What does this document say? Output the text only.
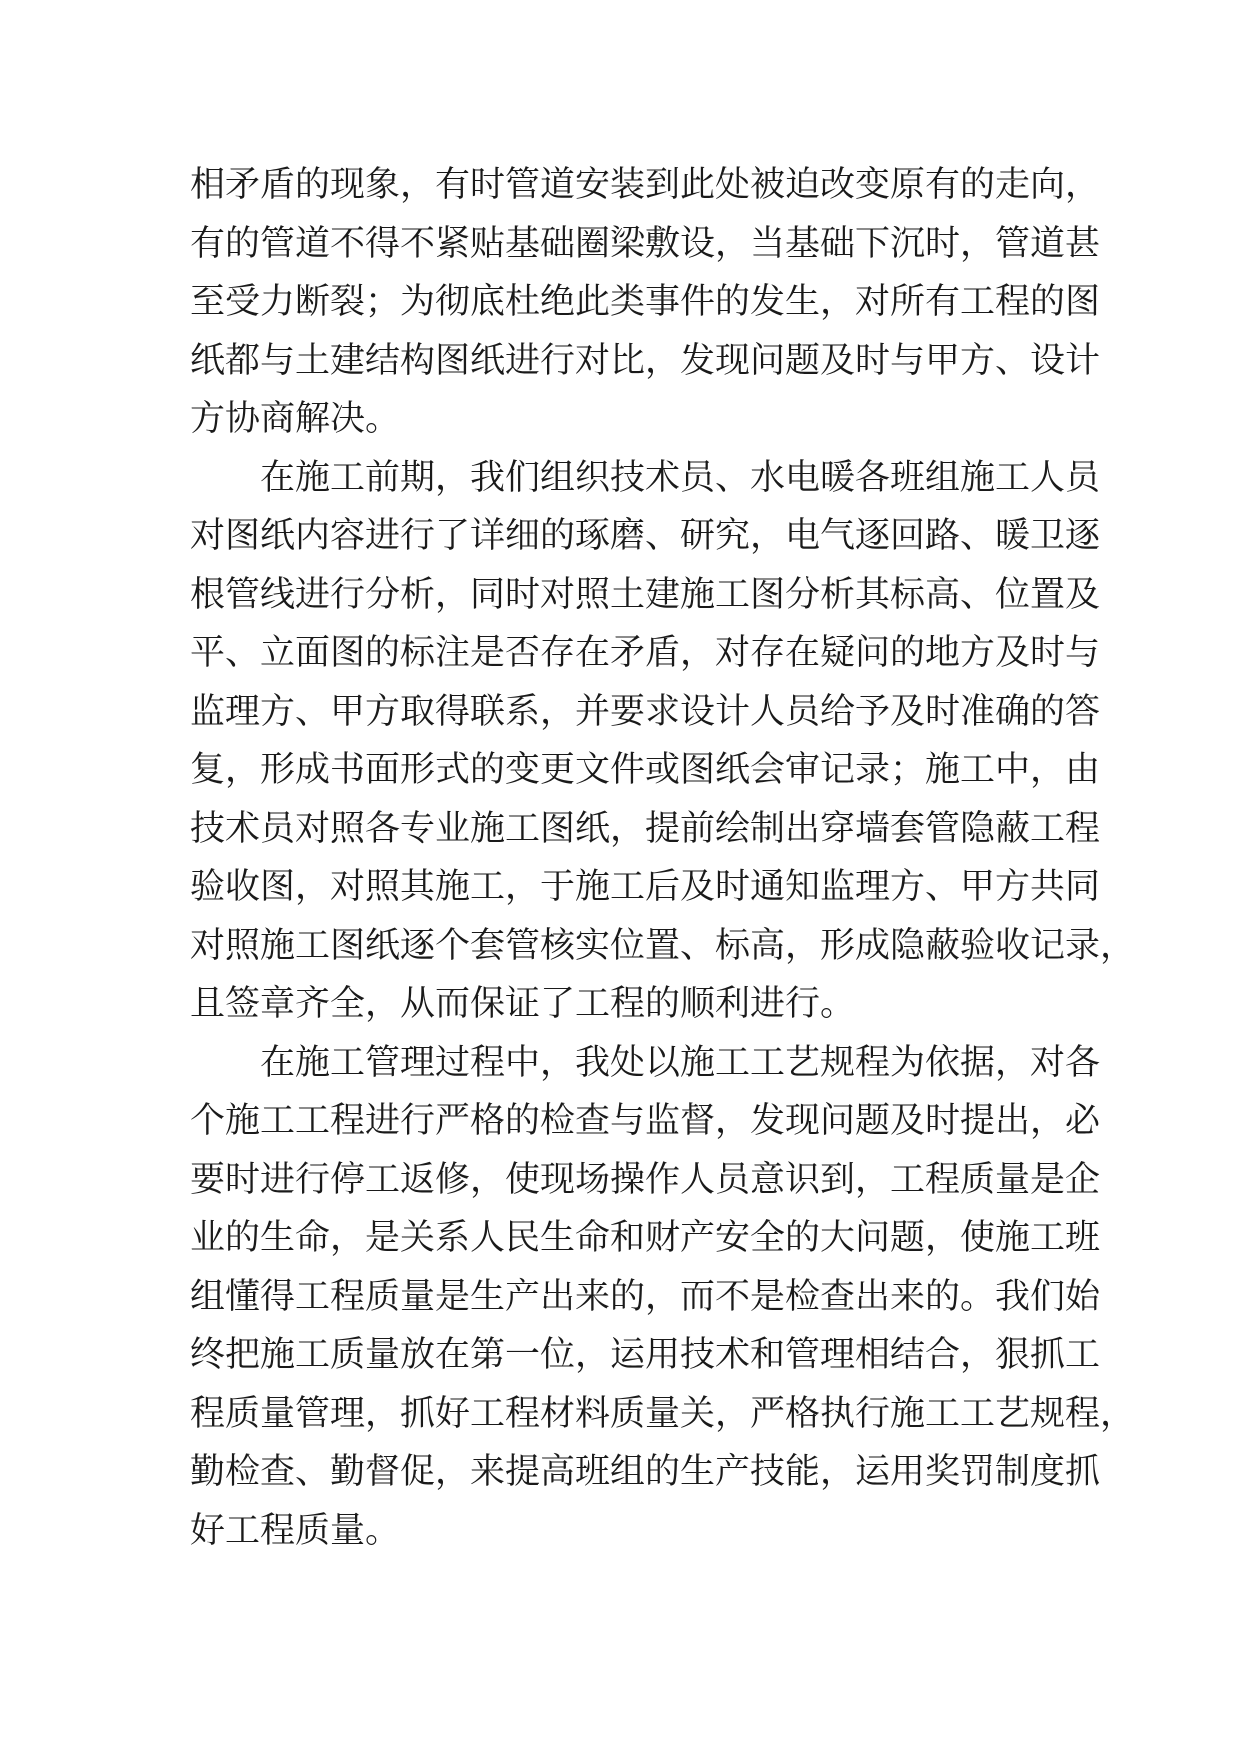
相矛盾的现象，有时管道安装到此处被迫改变原有的走向，
有的管道不得不紧贴基础圈梁敷设，当基础下沉时，管道甚
至受力断裂；为彻底杜绝此类事件的发生，对所有工程的图
纸都与土建结构图纸进行对比，发现问题及时与甲方、设计
方协商解决。
在施工前期，我们组织技术员、水电暖各班组施工人员
对图纸内容进行了详细的琢磨、研究，电气逐回路、暖卫逐
根管线进行分析，同时对照土建施工图分析其标高、位置及
平、立面图的标注是否存在矛盾，对存在疑问的地方及时与
监理方、甲方取得联系，并要求设计人员给予及时准确的答
复，形成书面形式的变更文件或图纸会审记录；施工中，由
技术员对照各专业施工图纸，提前绘制出穿墙套管隐蔽工程
验收图，对照其施工，于施工后及时通知监理方、甲方共同
对照施工图纸逐个套管核实位置、标高，形成隐蔽验收记录，
且签章齐全，从而保证了工程的顺利进行。
在施工管理过程中，我处以施工工艺规程为依据，对各
个施工工程进行严格的检查与监督，发现问题及时提出，必
要时进行停工返修，使现场操作人员意识到，工程质量是企
业的生命，是关系人民生命和财产安全的大问题，使施工班
组懂得工程质量是生产出来的，而不是检查出来的。我们始
终把施工质量放在第一位，运用技术和管理相结合，狠抓工
程质量管理，抓好工程材料质量关，严格执行施工工艺规程，
勤检查、勤督促，来提高班组的生产技能，运用奖罚制度抓
好工程质量。
